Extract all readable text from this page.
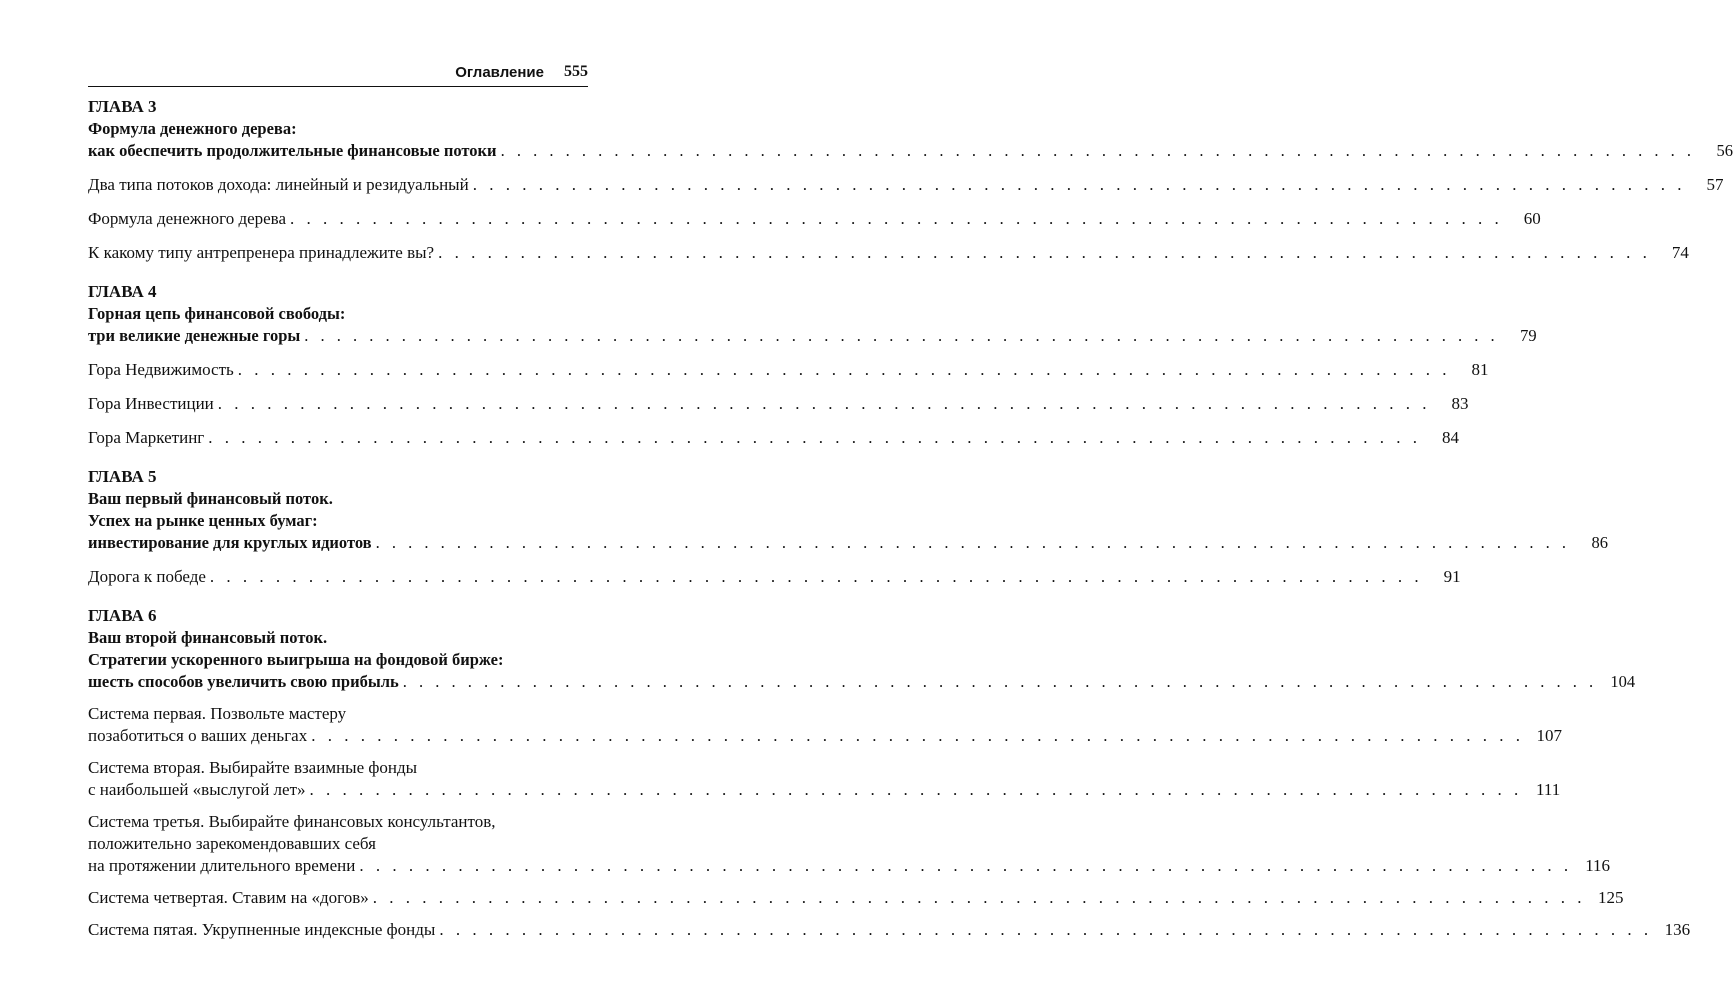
Оглавление 555
ГЛАВА 3
Формула денежного дерева:
как обеспечить продолжительные финансовые потоки . . . . . . . . . . . . . . . . . . . . . . . . . . . . . . . . . . . . . . . . . . . . . . . . . . . . . . . . . . . . . . . . . . . . . . . . . .	56
Два типа потоков дохода: линейный и резидуальный . . . . . . . . . . . . . . . . . . . . . . . . . . . . . . . . . . . . . . . . . . . . . . . . . . . . . . . . . . . . . . . . . . . . . . . . . .	57
Формула денежного дерева . . . . . . . . . . . . . . . . . . . . . . . . . . . . . . . . . . . . . . . . . . . . . . . . . . . . . . . . . . . . . . . . . . . . . . . . . .	60
К какому типу антрепренера принадлежите вы? . . . . . . . . . . . . . . . . . . . . . . . . . . . . . . . . . . . . . . . . . . . . . . . . . . . . . . . . . . . . . . . . . . . . . . . . . .	74
ГЛАВА 4
Горная цепь финансовой свободы:
три великие денежные горы . . . . . . . . . . . . . . . . . . . . . . . . . . . . . . . . . . . . . . . . . . . . . . . . . . . . . . . . . . . . . . . . . . . . . . . . . .	79
Гора Недвижимость . . . . . . . . . . . . . . . . . . . . . . . . . . . . . . . . . . . . . . . . . . . . . . . . . . . . . . . . . . . . . . . . . . . . . . . . . .	81
Гора Инвестиции . . . . . . . . . . . . . . . . . . . . . . . . . . . . . . . . . . . . . . . . . . . . . . . . . . . . . . . . . . . . . . . . . . . . . . . . . .	83
Гора Маркетинг . . . . . . . . . . . . . . . . . . . . . . . . . . . . . . . . . . . . . . . . . . . . . . . . . . . . . . . . . . . . . . . . . . . . . . . . . .	84
ГЛАВА 5
Ваш первый финансовый поток.
Успех на рынке ценных бумаг:
инвестирование для круглых идиотов . . . . . . . . . . . . . . . . . . . . . . . . . . . . . . . . . . . . . . . . . . . . . . . . . . . . . . . . . . . . . . . . . . . . . . . . . .	86
Дорога к победе . . . . . . . . . . . . . . . . . . . . . . . . . . . . . . . . . . . . . . . . . . . . . . . . . . . . . . . . . . . . . . . . . . . . . . . . . .	91
ГЛАВА 6
Ваш второй финансовый поток.
Стратегии ускоренного выигрыша на фондовой бирже:
шесть способов увеличить свою прибыль . . . . . . . . . . . . . . . . . . . . . . . . . . . . . . . . . . . . . . . . . . . . . . . . . . . . . . . . . . . . . . . . . . . . . . . . . . 104
Система первая. Позвольте мастеру
позаботиться о ваших деньгах . . . . . . . . . . . . . . . . . . . . . . . . . . . . . . . . . . . . . . . . . . . . . . . . . . . . . . . . . . . . . . . . . . . . . . . . . . 107
Система вторая. Выбирайте взаимные фонды
с наибольшей «выслугой лет» . . . . . . . . . . . . . . . . . . . . . . . . . . . . . . . . . . . . . . . . . . . . . . . . . . . . . . . . . . . . . . . . . . . . . . . . . . 111
Система третья. Выбирайте финансовых консультантов,
положительно зарекомендовавших себя
на протяжении длительного времени . . . . . . . . . . . . . . . . . . . . . . . . . . . . . . . . . . . . . . . . . . . . . . . . . . . . . . . . . . . . . . . . . . . . . . . . . . 116
Система четвертая. Ставим на «догов» . . . . . . . . . . . . . . . . . . . . . . . . . . . . . . . . . . . . . . . . . . . . . . . . . . . . . . . . . . . . . . . . . . . . . . . . . . 125
Система пятая. Укрупненные индексные фонды . . . . . . . . . . . . . . . . . . . . . . . . . . . . . . . . . . . . . . . . . . . . . . . . . . . . . . . . . . . . . . . . . . . . . . . . . . 136
